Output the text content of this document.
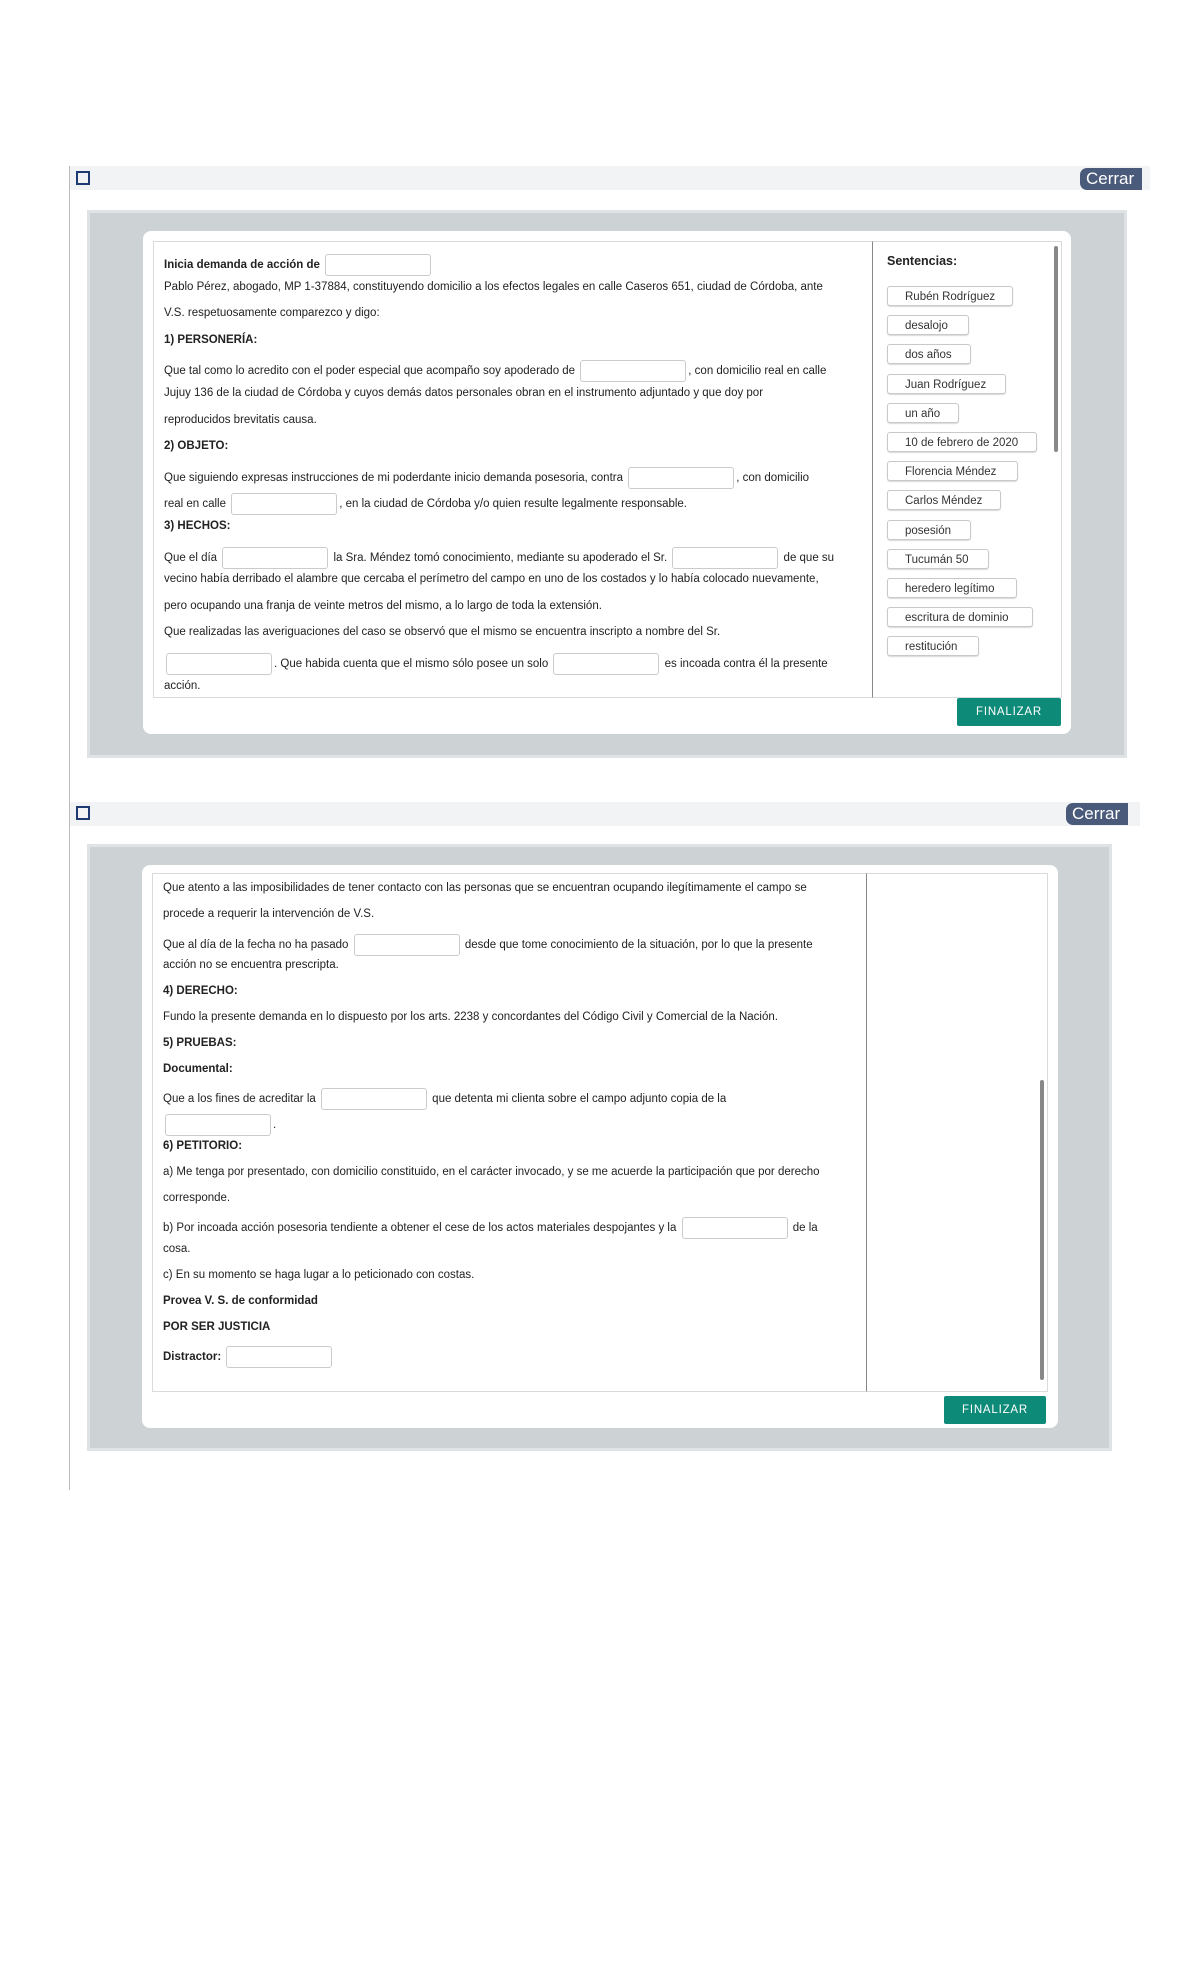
Cerrar
Inicia demanda de acción de
Pablo Pérez, abogado, MP 1-37884, constituyendo domicilio a los efectos legales en calle Caseros 651, ciudad de Córdoba, ante
V.S. respetuosamente comparezco y digo:
1) PERSONERÍA:
Que tal como lo acredito con el poder especial que acompaño soy apoderado de	, con domicilio real en calle
Jujuy 136 de la ciudad de Córdoba y cuyos demás datos personales obran en el instrumento adjuntado y que doy por
reproducidos brevitatis causa.
2) OBJETO:
Que siguiendo expresas instrucciones de mi poderdante inicio demanda posesoria, contra	, con domicilio
real en calle	, en la ciudad de Córdoba y/o quien resulte legalmente responsable.
3) HECHOS:
Que el día	la Sra. Méndez tomó conocimiento, mediante su apoderado el Sr.	de que su
vecino había derribado el alambre que cercaba el perímetro del campo en uno de los costados y lo había colocado nuevamente,
pero ocupando una franja de veinte metros del mismo, a lo largo de toda la extensión.
Que realizadas las averiguaciones del caso se observó que el mismo se encuentra inscripto a nombre del Sr.
. Que habida cuenta que el mismo sólo posee un solo	es incoada contra él la presente
acción.
Sentencias:
Rubén Rodríguez
desalojo
dos años
Juan Rodríguez
un año
10 de febrero de 2020
Florencia Méndez
Carlos Méndez
posesión
Tucumán 50
heredero legítimo
escritura de dominio
restitución
FINALIZAR
Cerrar
Que atento a las imposibilidades de tener contacto con las personas que se encuentran ocupando ilegítimamente el campo se
procede a requerir la intervención de V.S.
Que al día de la fecha no ha pasado	desde que tome conocimiento de la situación, por lo que la presente
acción no se encuentra prescripta.
4) DERECHO:
Fundo la presente demanda en lo dispuesto por los arts. 2238 y concordantes del Código Civil y Comercial de la Nación.
5) PRUEBAS:
Documental:
Que a los fines de acreditar la	que detenta mi clienta sobre el campo adjunto copia de la
.
6) PETITORIO:
a) Me tenga por presentado, con domicilio constituido, en el carácter invocado, y se me acuerde la participación que por derecho
corresponde.
b) Por incoada acción posesoria tendiente a obtener el cese de los actos materiales despojantes y la	de la
cosa.
c) En su momento se haga lugar a lo peticionado con costas.
Provea V. S. de conformidad
POR SER JUSTICIA
Distractor:
FINALIZAR
